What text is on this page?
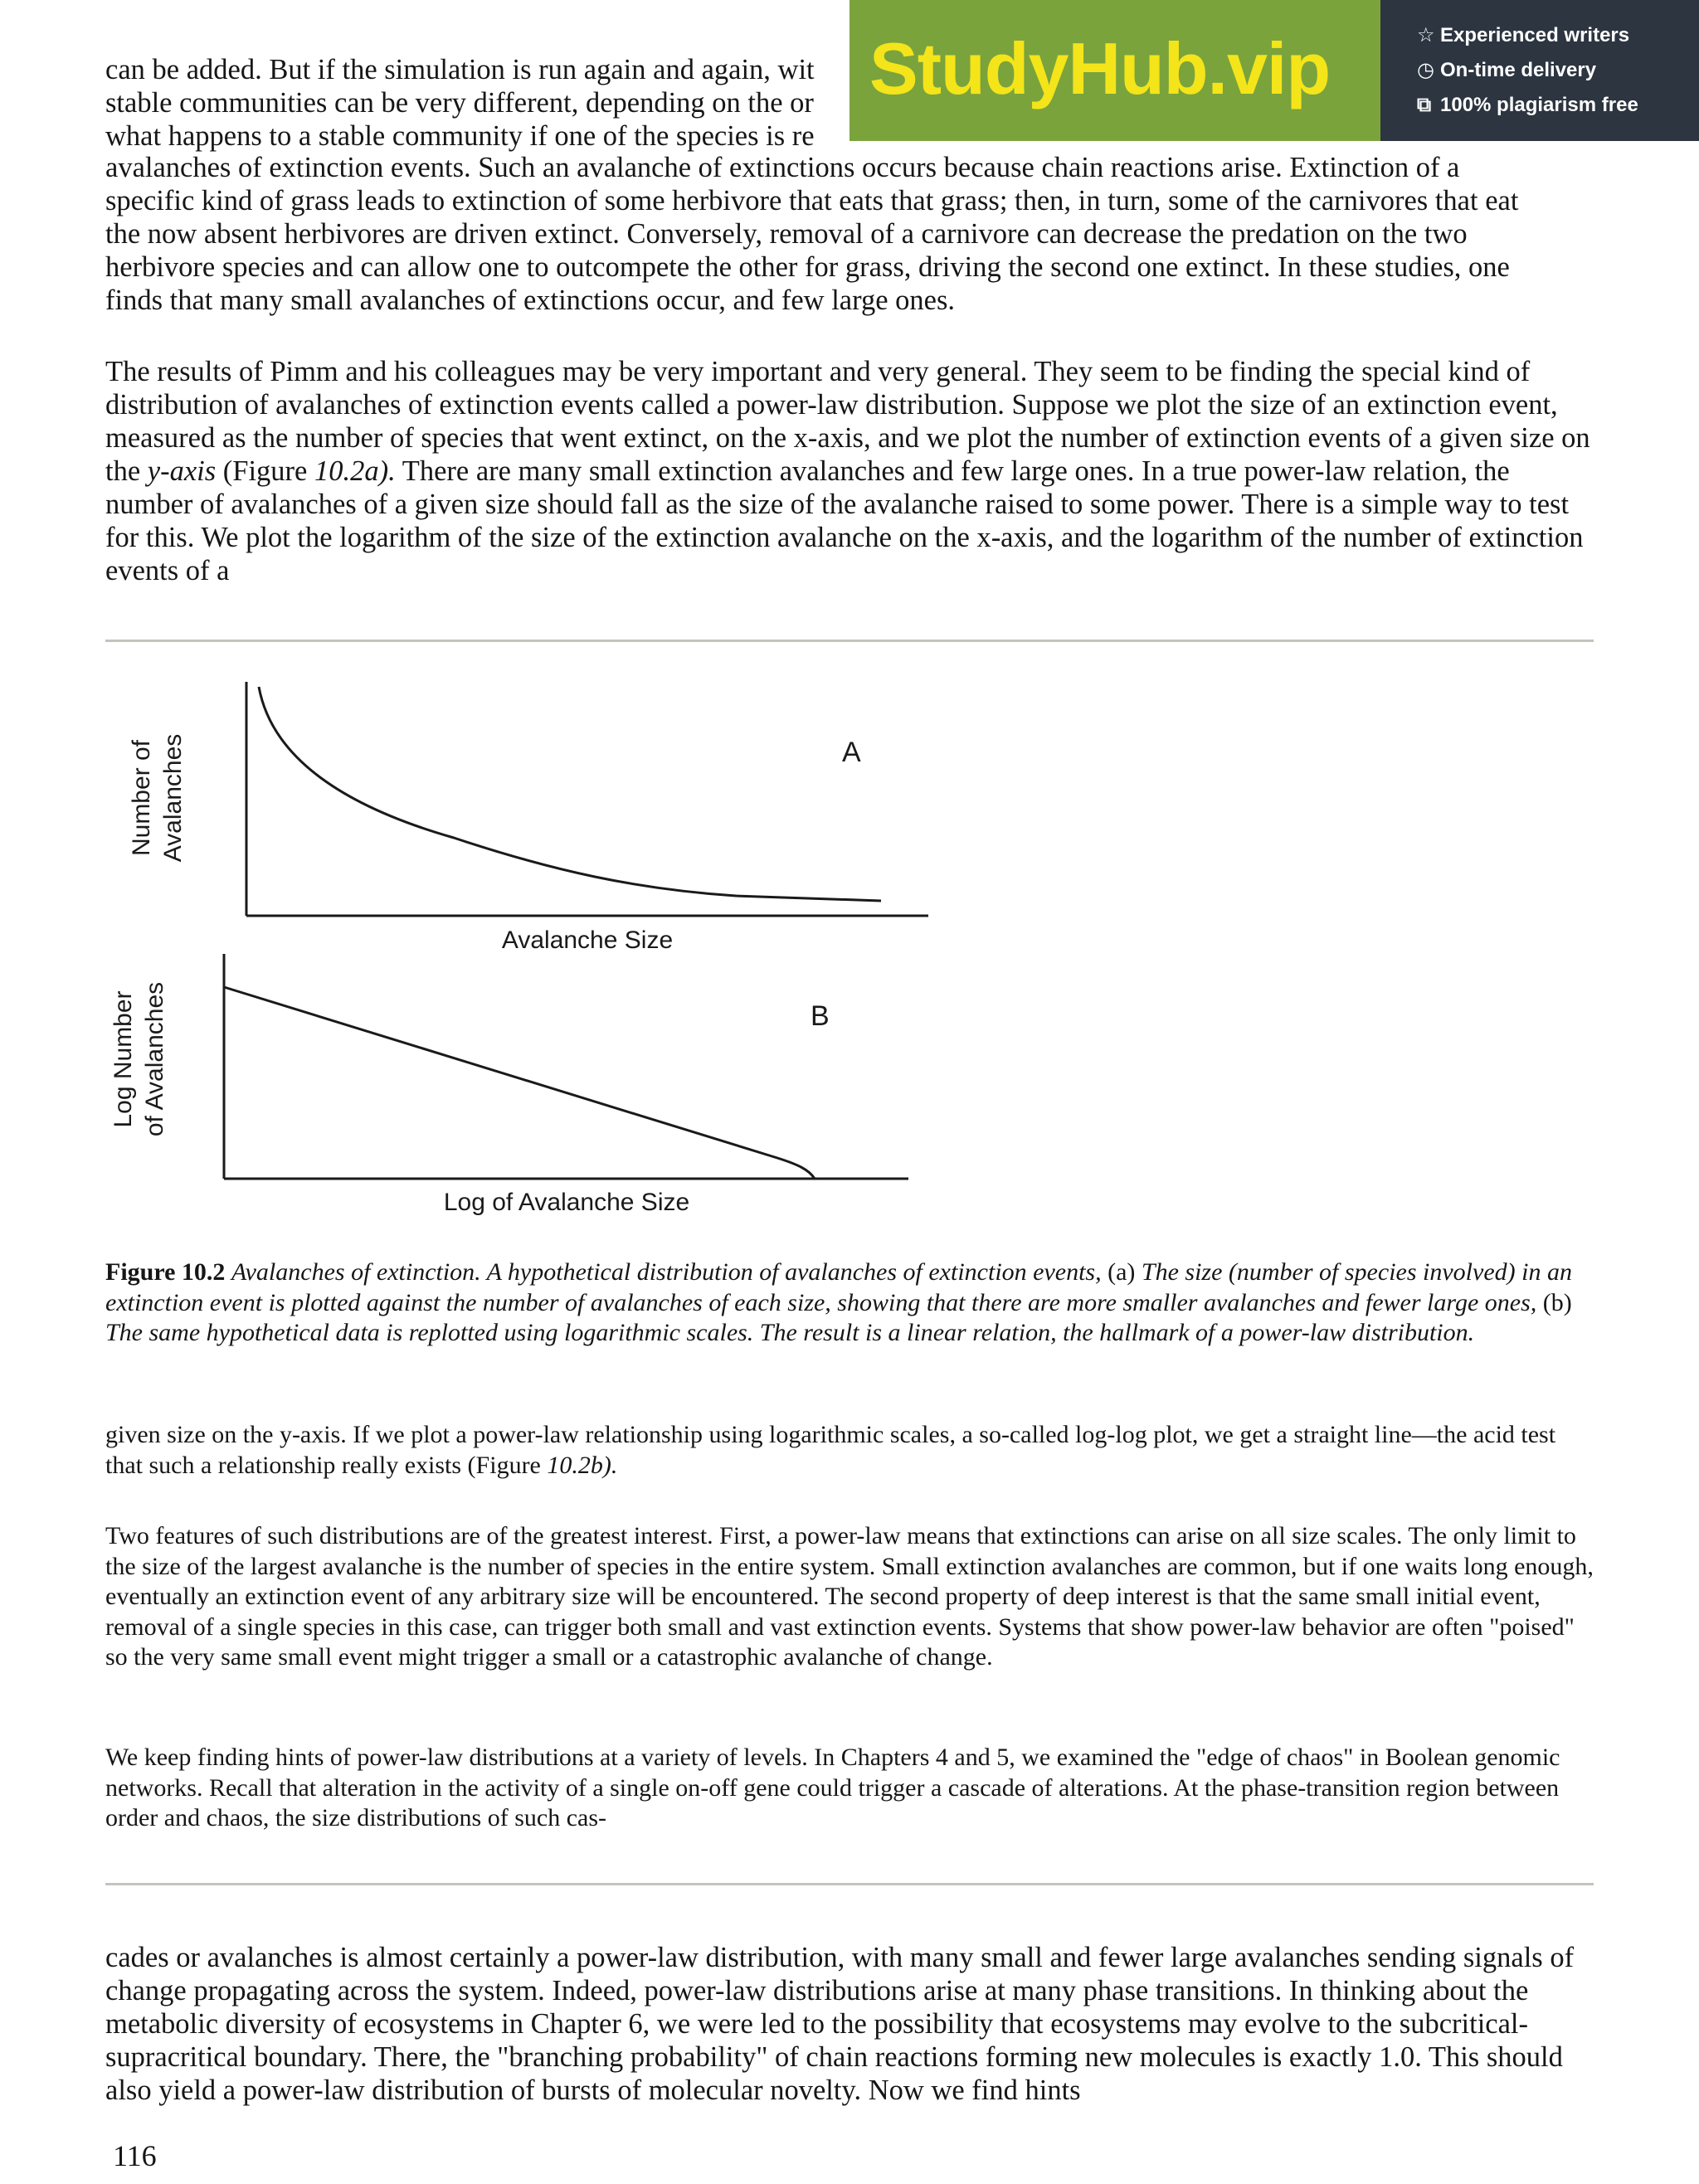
can be added. But if the simulation is run again and again, wit

stable communities can be very different, depending on the or

what happens to a stable community if one of the species is re

avalanches of extinction events. Such an avalanche of extinctions occurs because chain reactions arise. Extinction of a

specific kind of grass leads to extinction of some herbivore that eats that grass; then, in turn, some of the carnivores that eat

the now absent herbivores are driven extinct. Conversely, removal of a carnivore can decrease the predation on the two

herbivore species and can allow one to outcompete the other for grass, driving the second one extinct. In these studies, one

finds that many small avalanches of extinctions occur, and few large ones.

StudyHub.vip	☆ Experienced writers
◷ On-time delivery
⧉ 100% plagiarism free

The results of Pimm and his colleagues may be very important and very general. They seem to be finding the special kind of distribution of avalanches of extinction events called a power-law distribution. Suppose we plot the size of an extinction event, measured as the number of species that went extinct, on the x-axis, and we plot the number of extinction events of a given size on the y-axis (Figure 10.2a). There are many small extinction avalanches and few large ones. In a true power-law relation, the number of avalanches of a given size should fall as the size of the avalanche raised to some power. There is a simple way to test for this. We plot the logarithm of the size of the extinction avalanche on the x-axis, and the logarithm of the number of extinction events of a

A
Number of Avalanches
Avalanche Size
B
Log Number of Avalanches
Log of Avalanche Size

Figure 10.2 Avalanches of extinction. A hypothetical distribution of avalanches of extinction events, (a) The size (number of species involved) in an extinction event is plotted against the number of avalanches of each size, showing that there are more smaller avalanches and fewer large ones, (b) The same hypothetical data is replotted using logarithmic scales. The result is a linear relation, the hallmark of a power-law distribution.

given size on the y-axis. If we plot a power-law relationship using logarithmic scales, a so-called log-log plot, we get a straight line—the acid test that such a relationship really exists (Figure 10.2b).

Two features of such distributions are of the greatest interest. First, a power-law means that extinctions can arise on all size scales. The only limit to the size of the largest avalanche is the number of species in the entire system. Small extinction avalanches are common, but if one waits long enough, eventually an extinction event of any arbitrary size will be encountered. The second property of deep interest is that the same small initial event, removal of a single species in this case, can trigger both small and vast extinction events. Systems that show power-law behavior are often "poised" so the very same small event might trigger a small or a catastrophic avalanche of change.

We keep finding hints of power-law distributions at a variety of levels. In Chapters 4 and 5, we examined the "edge of chaos" in Boolean genomic networks. Recall that alteration in the activity of a single on-off gene could trigger a cascade of alterations. At the phase-transition region between order and chaos, the size distributions of such cas-

cades or avalanches is almost certainly a power-law distribution, with many small and fewer large avalanches sending signals of change propagating across the system. Indeed, power-law distributions arise at many phase transitions. In thinking about the metabolic diversity of ecosystems in Chapter 6, we were led to the possibility that ecosystems may evolve to the subcritical-supracritical boundary. There, the "branching probability" of chain reactions forming new molecules is exactly 1.0. This should also yield a power-law distribution of bursts of molecular novelty. Now we find hints

116
